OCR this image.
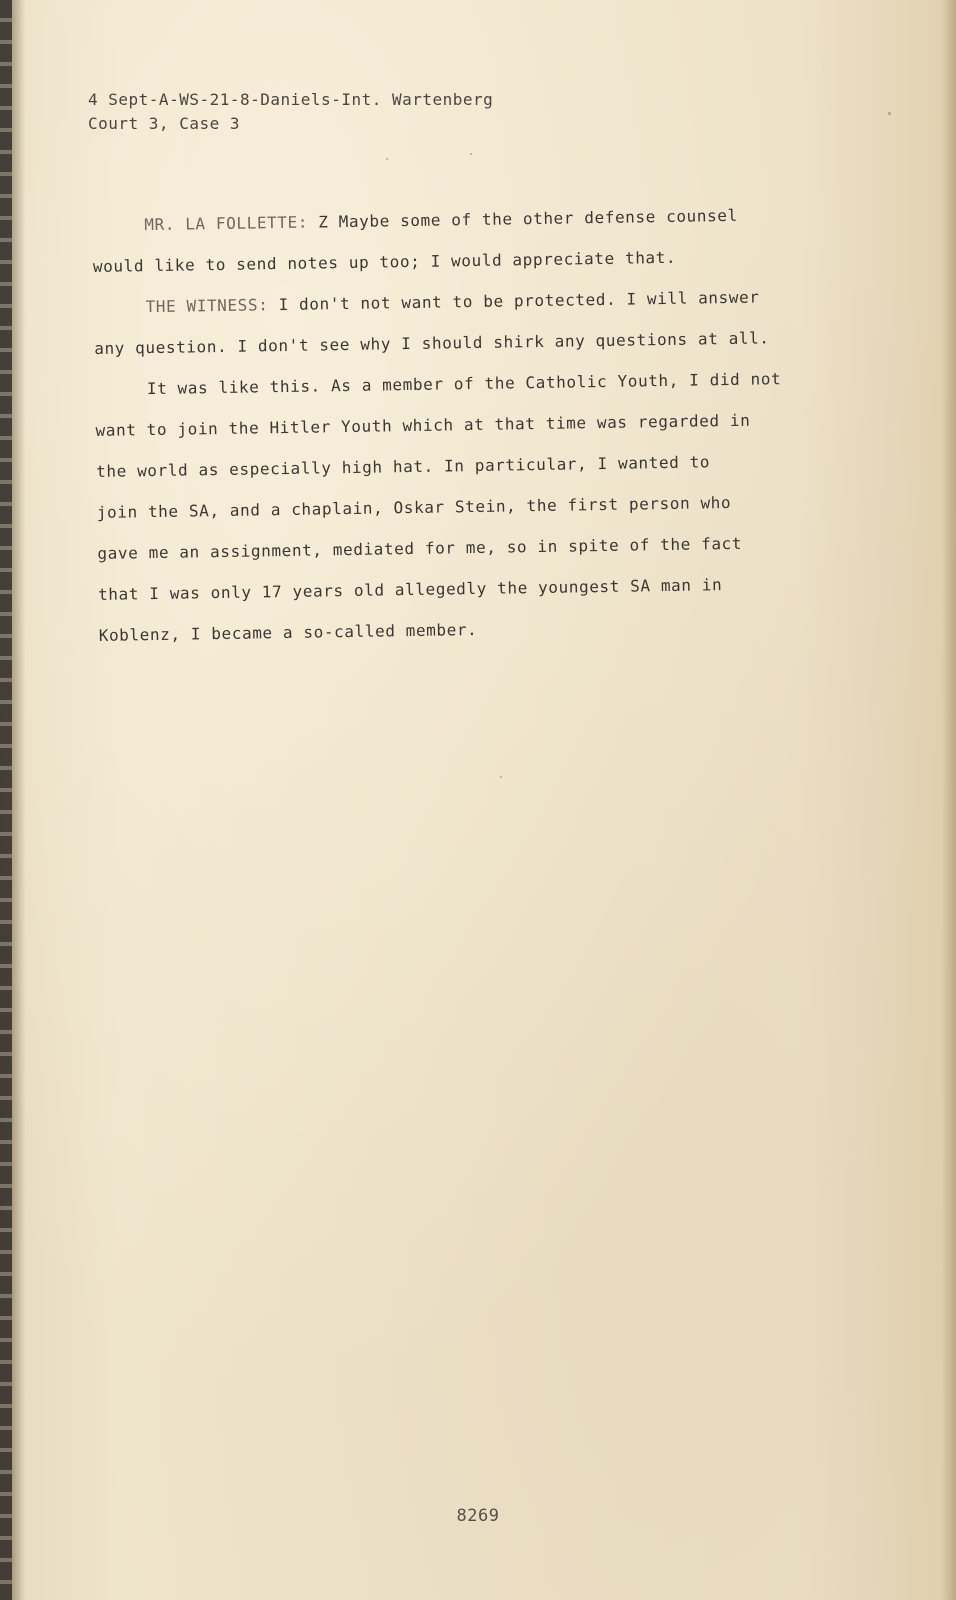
4 Sept-A-WS-21-8-Daniels-Int. Wartenberg
Court 3, Case 3
MR. LA FOLLETTE: Z Maybe some of the other defense counsel
would like to send notes up too; I would appreciate that.
THE WITNESS: I don't not want to be protected. I will answer
any question. I don't see why I should shirk any questions at all.
It was like this. As a member of the Catholic Youth, I did not
want to join the Hitler Youth which at that time was regarded in
the world as especially high hat. In particular, I wanted to
join the SA, and a chaplain, Oskar Stein, the first person who
gave me an assignment, mediated for me, so in spite of the fact
that I was only 17 years old allegedly the youngest SA man in
Koblenz, I became a so-called member.
8269
